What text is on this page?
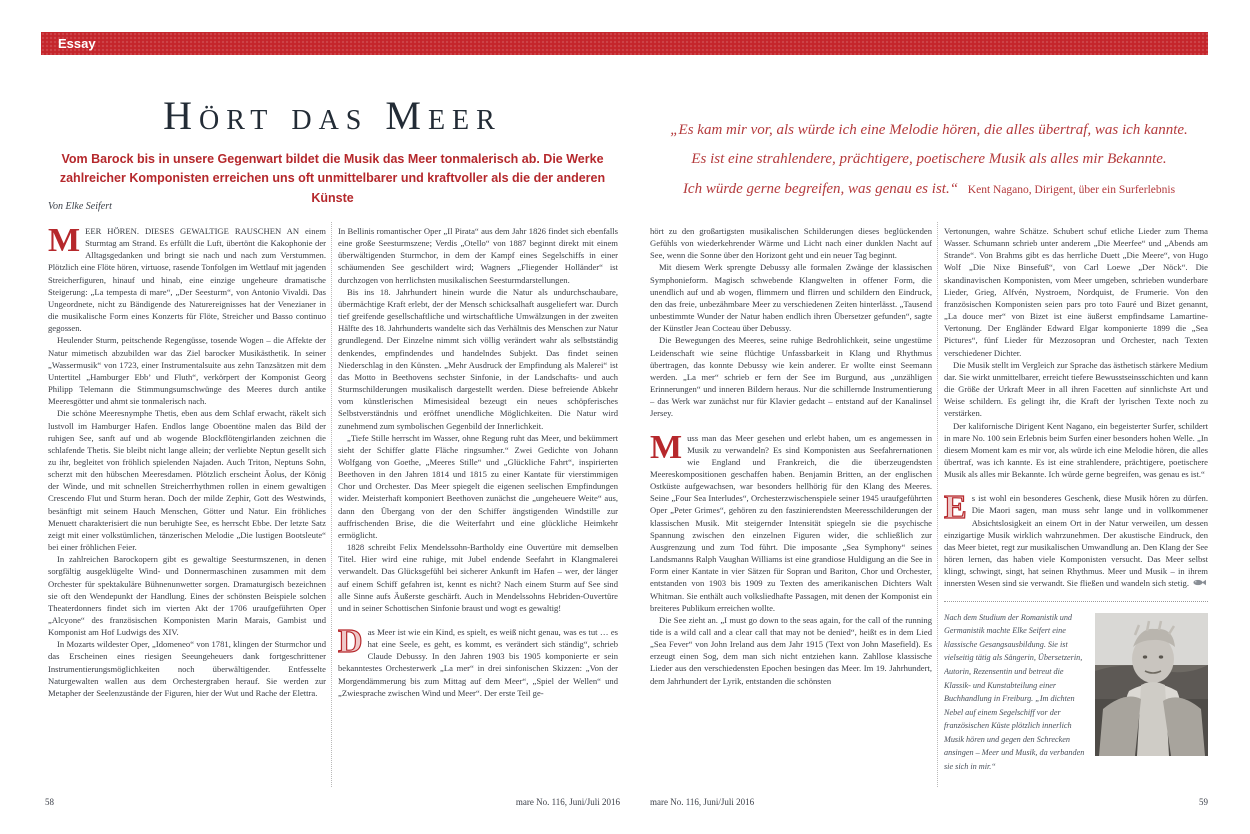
Essay
Hört das Meer
Vom Barock bis in unsere Gegenwart bildet die Musik das Meer tonmalerisch ab. Die Werke zahlreicher Komponisten erreichen uns oft unmittelbarer und kraftvoller als die der anderen Künste
Von Elke Seifert
„Es kam mir vor, als würde ich eine Melodie hören, die alles übertraf, was ich kannte.
Es ist eine strahlendere, prächtigere, poetischere Musik als alles mir Bekannte.
Ich würde gerne begreifen, was genau es ist.“ Kent Nagano, Dirigent, über ein Surferlebnis

MEER HÖREN. DIESES GEWALTIGE RAUSCHEN AN einem Sturmtag am Strand. Es erfüllt die Luft, übertönt die Kakophonie der Alltagsgedanken und bringt sie nach und nach zum Verstummen. Plötzlich eine Flöte hören, virtuose, rasende Tonfolgen im Wettlauf mit jagenden Streicherfiguren, hinauf und hinab, eine einzige ungeheure dramatische Steigerung: „La tempesta di mare“, „Der Seesturm“, von Antonio Vivaldi. Das Ungeordnete, nicht zu Bändigende des Naturereignisses hat der Venezianer in die musikalische Form eines Konzerts für Flöte, Streicher und Basso continuo gegossen.

Heulender Sturm, peitschende Regengüsse, tosende Wogen – die Affekte der Natur mimetisch abzubilden war das Ziel barocker Musikästhetik. In seiner „Wassermusik“ von 1723, einer Instrumentalsuite aus zehn Tanzsätzen mit dem Untertitel „Hamburger Ebb’ und Fluth“, verkörpert der Komponist Georg Philipp Telemann die Stimmungsumschwünge des Meeres durch antike Meeresgötter und ahmt sie tonmalerisch nach.

Die schöne Meeresnymphe Thetis, eben aus dem Schlaf erwacht, räkelt sich lustvoll im Hamburger Hafen. Endlos lange Oboentöne malen das Bild der ruhigen See, sanft auf und ab wogende Blockflötengirlanden zeichnen die schlafende Thetis. Sie bleibt nicht lange allein; der verliebte Neptun gesellt sich zu ihr, begleitet von fröhlich spielenden Najaden. Auch Triton, Neptuns Sohn, scherzt mit den hübschen Meeresdamen. Plötzlich erscheint Äolus, der König der Winde, und mit schnellen Streicherrhythmen rollen in einem gewaltigen Crescendo Flut und Sturm heran. Doch der milde Zephir, Gott des Westwinds, besänftigt mit seinem Hauch Menschen, Götter und Natur. Ein fröhliches Menuett charakterisiert die nun beruhigte See, es herrscht Ebbe. Der letzte Satz zeigt mit einer volkstümlichen, tänzerischen Melodie „Die lustigen Bootsleute“ bei einer fröhlichen Feier.

In zahlreichen Barockopern gibt es gewaltige Seesturmszenen, in denen sorgfältig ausgeklügelte Wind- und Donnermaschinen zusammen mit dem Orchester für spektakuläre Bühnenunwetter sorgen. Dramaturgisch bezeichnen sie oft den Wendepunkt der Handlung. Eines der schönsten Beispiele solchen Theaterdonners findet sich im vierten Akt der 1706 uraufgeführten Oper „Alcyone“ des französischen Komponisten Marin Marais, Gambist und Komponist am Hof Ludwigs des XIV.

In Mozarts wildester Oper, „Idomeneo“ von 1781, klingen der Sturmchor und das Erscheinen eines riesigen Seeungeheuers dank fortgeschrittener Instrumentierungsmöglichkeiten noch überwältigender. Entfesselte Naturgewalten wallen aus dem Orchestergraben herauf. Sie werden zur Metapher der Seelenzustände der Figuren, hier der Wut und Rache der Elettra.

In Bellinis romantischer Oper „Il Pirata“ aus dem Jahr 1826 findet sich ebenfalls eine große Seesturmszene; Verdis „Otello“ von 1887 beginnt direkt mit einem überwältigenden Sturmchor, in dem der Kampf eines Segelschiffs in einer schäumenden See geschildert wird; Wagners „Fliegender Holländer“ ist durchzogen von herrlichsten musikalischen Seesturmdarstellungen.

Bis ins 18. Jahrhundert hinein wurde die Natur als undurchschaubare, übermächtige Kraft erlebt, der der Mensch schicksalhaft ausgeliefert war. Durch tief greifende gesellschaftliche und wirtschaftliche Umwälzungen in der zweiten Hälfte des 18. Jahrhunderts wandelte sich das Verhältnis des Menschen zur Natur grundlegend. Der Einzelne nimmt sich völlig verändert wahr als selbstständig denkendes, empfindendes und handelndes Subjekt. Das findet seinen Niederschlag in den Künsten. „Mehr Ausdruck der Empfindung als Malerei“ ist das Motto in Beethovens sechster Sinfonie, in der Landschafts- und auch Sturmschilderungen musikalisch dargestellt werden. Diese befreiende Abkehr vom künstlerischen Mimesisideal bezeugt ein neues schöpferisches Selbstverständnis und eröffnet unendliche Möglichkeiten. Die Natur wird zunehmend zum symbolischen Gegenbild der Innerlichkeit.

„Tiefe Stille herrscht im Wasser, ohne Regung ruht das Meer, und bekümmert sieht der Schiffer glatte Fläche ringsumher.“ Zwei Gedichte von Johann Wolfgang von Goethe, „Meeres Stille“ und „Glückliche Fahrt“, inspirierten Beethoven in den Jahren 1814 und 1815 zu einer Kantate für vierstimmigen Chor und Orchester. Das Meer spiegelt die eigenen seelischen Empfindungen wider. Meisterhaft komponiert Beethoven zunächst die „ungeheuere Weite“ aus, dann den Übergang von der den Schiffer ängstigenden Windstille zur auffrischenden Brise, die die Weiterfahrt und eine glückliche Heimkehr ermöglicht.

1828 schreibt Felix Mendelssohn-Bartholdy eine Ouvertüre mit demselben Titel. Hier wird eine ruhige, mit Jubel endende Seefahrt in Klangmalerei verwandelt. Das Glücksgefühl bei sicherer Ankunft im Hafen – wer, der länger auf einem Schiff gefahren ist, kennt es nicht? Nach einem Sturm auf See sind alle Sinne aufs Äußerste geschärft. Auch in Mendelssohns Hebriden-Ouvertüre und in seiner Schottischen Sinfonie braust und wogt es gewaltig!

Das Meer ist wie ein Kind, es spielt, es weiß nicht genau, was es tut … es hat eine Seele, es geht, es kommt, es verändert sich ständig“, schrieb Claude Debussy. In den Jahren 1903 bis 1905 komponierte er sein bekanntestes Orchesterwerk „La mer“ in drei sinfonischen Skizzen: „Von der Morgendämmerung bis zum Mittag auf dem Meer“, „Spiel der Wellen“ und „Zwiesprache zwischen Wind und Meer“. Der erste Teil ge-

hört zu den großartigsten musikalischen Schilderungen dieses beglückenden Gefühls von wiederkehrender Wärme und Licht nach einer dunklen Nacht auf See, wenn die Sonne über den Horizont geht und ein neuer Tag beginnt.

Mit diesem Werk sprengte Debussy alle formalen Zwänge der klassischen Symphonieform. Magisch schwebende Klangwelten in offener Form, die unendlich auf und ab wogen, flimmern und flirren und schildern den Eindruck, den das freie, unbezähmbare Meer zu verschiedenen Zeiten hinterlässt. „Tausend unbestimmte Wunder der Natur haben endlich ihren Übersetzer gefunden“, sagte der Künstler Jean Cocteau über Debussy.

Die Bewegungen des Meeres, seine ruhige Bedrohlichkeit, seine ungestüme Leidenschaft wie seine flüchtige Unfassbarkeit in Klang und Rhythmus übertragen, das konnte Debussy wie kein anderer. Er wollte einst Seemann werden. „La mer“ schrieb er fern der See im Burgund, aus „unzähligen Erinnerungen“ und inneren Bildern heraus. Nur die schillernde Instrumentierung – das Werk war zunächst nur für Klavier gedacht – entstand auf der Kanalinsel Jersey.

Muss man das Meer gesehen und erlebt haben, um es angemessen in Musik zu verwandeln? Es sind Komponisten aus Seefahrernationen wie England und Frankreich, die die überzeugendsten Meereskompositionen geschaffen haben. Benjamin Britten, an der englischen Ostküste aufgewachsen, war besonders hellhörig für den Klang des Meeres. Seine „Four Sea Interludes“, Orchesterzwischenspiele seiner 1945 uraufgeführten Oper „Peter Grimes“, gehören zu den faszinierendsten Meeresschilderungen der klassischen Musik. Mit steigernder Intensität spiegeln sie die psychische Spannung zwischen den einzelnen Figuren wider, die schließlich zur Ausgrenzung und zum Tod führt. Die imposante „Sea Symphony“ seines Landsmanns Ralph Vaughan Williams ist eine grandiose Huldigung an die See in Form einer Kantate in vier Sätzen für Sopran und Bariton, Chor und Orchester, entstanden von 1903 bis 1909 zu Texten des amerikanischen Dichters Walt Whitman. Sie enthält auch volksliedhafte Passagen, mit denen der Komponist ein breiteres Publikum erreichen wollte.

Die See zieht an. „I must go down to the seas again, for the call of the running tide is a wild call and a clear call that may not be denied“, heißt es in dem Lied „Sea Fever“ von John Ireland aus dem Jahr 1915 (Text von John Masefield). Es erzeugt einen Sog, dem man sich nicht entziehen kann. Zahllose klassische Lieder aus den verschiedensten Epochen besingen das Meer. Im 19. Jahrhundert, dem Jahrhundert der Lyrik, entstanden die schönsten

Vertonungen, wahre Schätze. Schubert schuf etliche Lieder zum Thema Wasser. Schumann schrieb unter anderem „Die Meerfee“ und „Abends am Strande“. Von Brahms gibt es das herrliche Duett „Die Meere“, von Hugo Wolf „Die Nixe Binsefuß“, von Carl Loewe „Der Nöck“. Die skandinavischen Komponisten, vom Meer umgeben, schrieben wunderbare Lieder, Grieg, Alfvén, Nystroem, Nordquist, de Frumerie. Von den französischen Komponisten seien pars pro toto Fauré und Bizet genannt, „La douce mer“ von Bizet ist eine äußerst empfindsame Lamartine-Vertonung. Der Engländer Edward Elgar komponierte 1899 die „Sea Pictures“, fünf Lieder für Mezzosopran und Orchester, nach Texten verschiedener Dichter.

Die Musik stellt im Vergleich zur Sprache das ästhetisch stärkere Medium dar. Sie wirkt unmittelbarer, erreicht tiefere Bewusstseinsschichten und kann die Größe der Urkraft Meer in all ihren Facetten auf sinnlichste Art und Weise schildern. Es gelingt ihr, die Kraft der lyrischen Texte noch zu verstärken.

Der kalifornische Dirigent Kent Nagano, ein begeisterter Surfer, schildert in mare No. 100 sein Erlebnis beim Surfen einer besonders hohen Welle. „In diesem Moment kam es mir vor, als würde ich eine Melodie hören, die alles übertraf, was ich kannte. Es ist eine strahlendere, prächtigere, poetischere Musik als alles mir Bekannte. Ich würde gerne begreifen, was genau es ist.“

Es ist wohl ein besonderes Geschenk, diese Musik hören zu dürfen. Die Maori sagen, man muss sehr lange und in vollkommener Absichtslosigkeit an einem Ort in der Natur verweilen, um dessen einzigartige Musik wirklich wahrzunehmen. Der akustische Eindruck, den das Meer bietet, regt zur musikalischen Umwandlung an. Den Klang der See hören lernen, das haben viele Komponisten versucht. Das Meer selbst klingt, schwingt, singt, hat seinen Rhythmus. Meer und Musik – in ihrem innersten Wesen sind sie verwandt. Sie fließen und wandeln sich stetig.

Nach dem Studium der Romanistik und Germanistik machte Elke Seifert eine klassische Gesangsausbildung. Sie ist vielseitig tätig als Sängerin, Übersetzerin, Autorin, Rezensentin und betreut die Klassik- und Kunstabteilung einer Buchhandlung in Freiburg. „Im dichten Nebel auf einem Segelschiff vor der französischen Küste plötzlich innerlich Musik hören und gegen den Schrecken ansingen – Meer und Musik, da verbanden sie sich in mir.“
58	mare No. 116, Juni/Juli 2016	mare No. 116, Juni/Juli 2016	59
